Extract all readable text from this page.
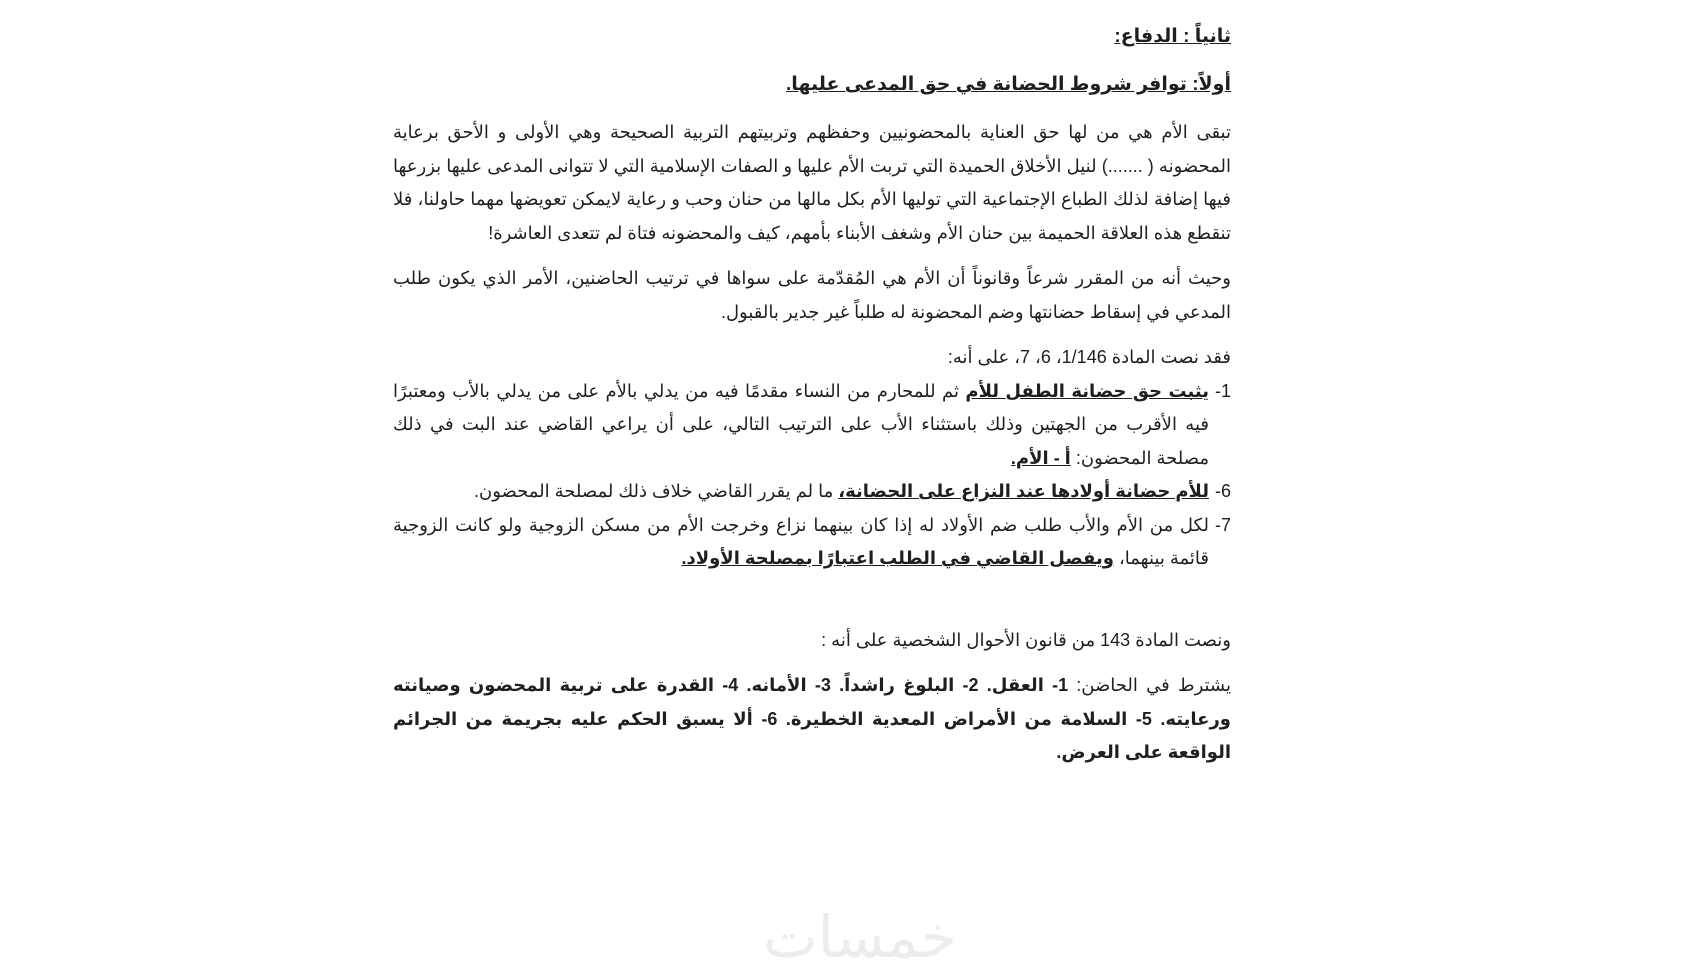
ثانياً : الدفاع:

أولاً: توافر شروط الحضانة في حق المدعى عليها.

تبقى الأم هي من لها حق العناية بالمحضونيين وحفظهم وتربيتهم التربية الصحيحة وهي الأولى و الأحق برعاية المحضونه ( .......) لنيل الأخلاق الحميدة التي تربت الأم عليها و الصفات الإسلامية التي لا تتوانى المدعى عليها بزرعها فيها إضافة لذلك الطباع الإجتماعية التي توليها الأم بكل مالها من حنان وحب و رعاية لايمكن تعويضها مهما حاولنا، فلا تنقطع هذه العلاقة الحميمة بين حنان الأم وشغف الأبناء بأمهم، كيف والمحضونه فتاة لم تتعدى العاشرة!

وحيث أنه من المقرر شرعاً وقانوناً أن الأم هي المُقدّمة على سواها في ترتيب الحاضنين، الأمر الذي يكون طلب المدعي في إسقاط حضانتها وضم المحضونة له طلباً غير جدير بالقبول.

فقد نصت المادة 1/146، 6، 7، على أنه:

1-
يثبت حق حضانة الطفل للأم ثم للمحارم من النساء مقدمًا فيه من يدلي بالأم على من يدلي بالأب ومعتبرًا فيه الأقرب من الجهتين وذلك باستثناء الأب على الترتيب التالي، على أن يراعي القاضي عند البت في ذلك مصلحة المحضون: أ - الأم.
6-
للأم حضانة أولادها عند النزاع على الحضانة، ما لم يقرر القاضي خلاف ذلك لمصلحة المحضون.
7-
لكل من الأم والأب طلب ضم الأولاد له إذا كان بينهما نزاع وخرجت الأم من مسكن الزوجية ولو كانت الزوجية قائمة بينهما، ويفصل القاضي في الطلب اعتبارًا بمصلحة الأولاد.

ونصت المادة 143 من قانون الأحوال الشخصية على أنه :

يشترط في الحاضن: 1- العقل. 2- البلوغ راشداً. 3- الأمانه. 4- القدرة على تربية المحضون وصيانته ورعايته. 5- السلامة من الأمراض المعدية الخطيرة. 6- ألا يسبق الحكم عليه بجريمة من الجرائم الواقعة على العرض.

خمسات
